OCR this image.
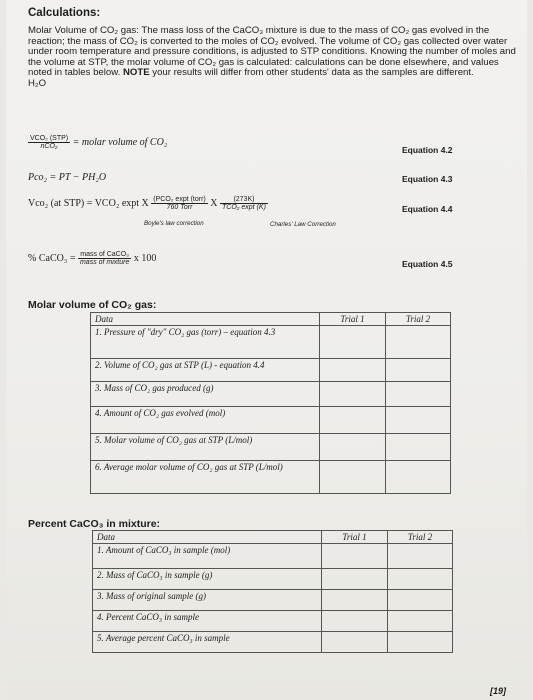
Calculations:

Molar Volume of CO₂ gas: The mass loss of the CaCO₃ mixture is due to the mass of CO₂ gas evolved in the reaction; the mass of CO₂ is converted to the moles of CO₂ evolved. The volume of CO₂ gas collected over water under room temperature and pressure conditions, is adjusted to STP conditions. Knowing the number of moles and the volume at STP, the molar volume of CO₂ gas is calculated: calculations can be done elsewhere, and values noted in tables below. NOTE your results will differ from other students' data as the samples are different.
H₂O

$\frac{\text{VCO₂ (STP)}}{\text{nCO₂}}$ = molar volume of CO₂
Equation 4.2
Pco₂ = PT − PH₂O	Equation 4.3
Vco₂ (at STP) = VCO₂ expt X $\frac{\text{(PCO₂ expt (torr)}}{\text{760 Torr}}$ X $\frac{(273K)}{\text{TCO₂ expt (K)}}$
Boyle's law correction	Charles' Law Correction
Equation 4.4
% CaCO₃ = $\frac{\text{mass of CaCO₃}}{\text{mass of mixture}}$ x 100
Equation 4.5
Molar volume of CO₂ gas:
Data	Trial 1	Trial 2
1. Pressure of "dry" CO₂ gas (torr) – equation 4.3		
2. Volume of CO₂ gas at STP (L) - equation 4.4		
3. Mass of CO₂ gas produced (g)		
4. Amount of CO₂ gas evolved (mol)		
5. Molar volume of CO₂ gas at STP (L/mol)		
6. Average molar volume of CO₂ gas at STP (L/mol)		
Percent CaCO₃ in mixture:
Data	Trial 1	Trial 2
1. Amount of CaCO₃ in sample (mol)		
2. Mass of CaCO₃ in sample (g)		
3. Mass of original sample (g)		
4. Percent CaCO₃ in sample		
5. Average percent CaCO₃ in sample		
[19]
